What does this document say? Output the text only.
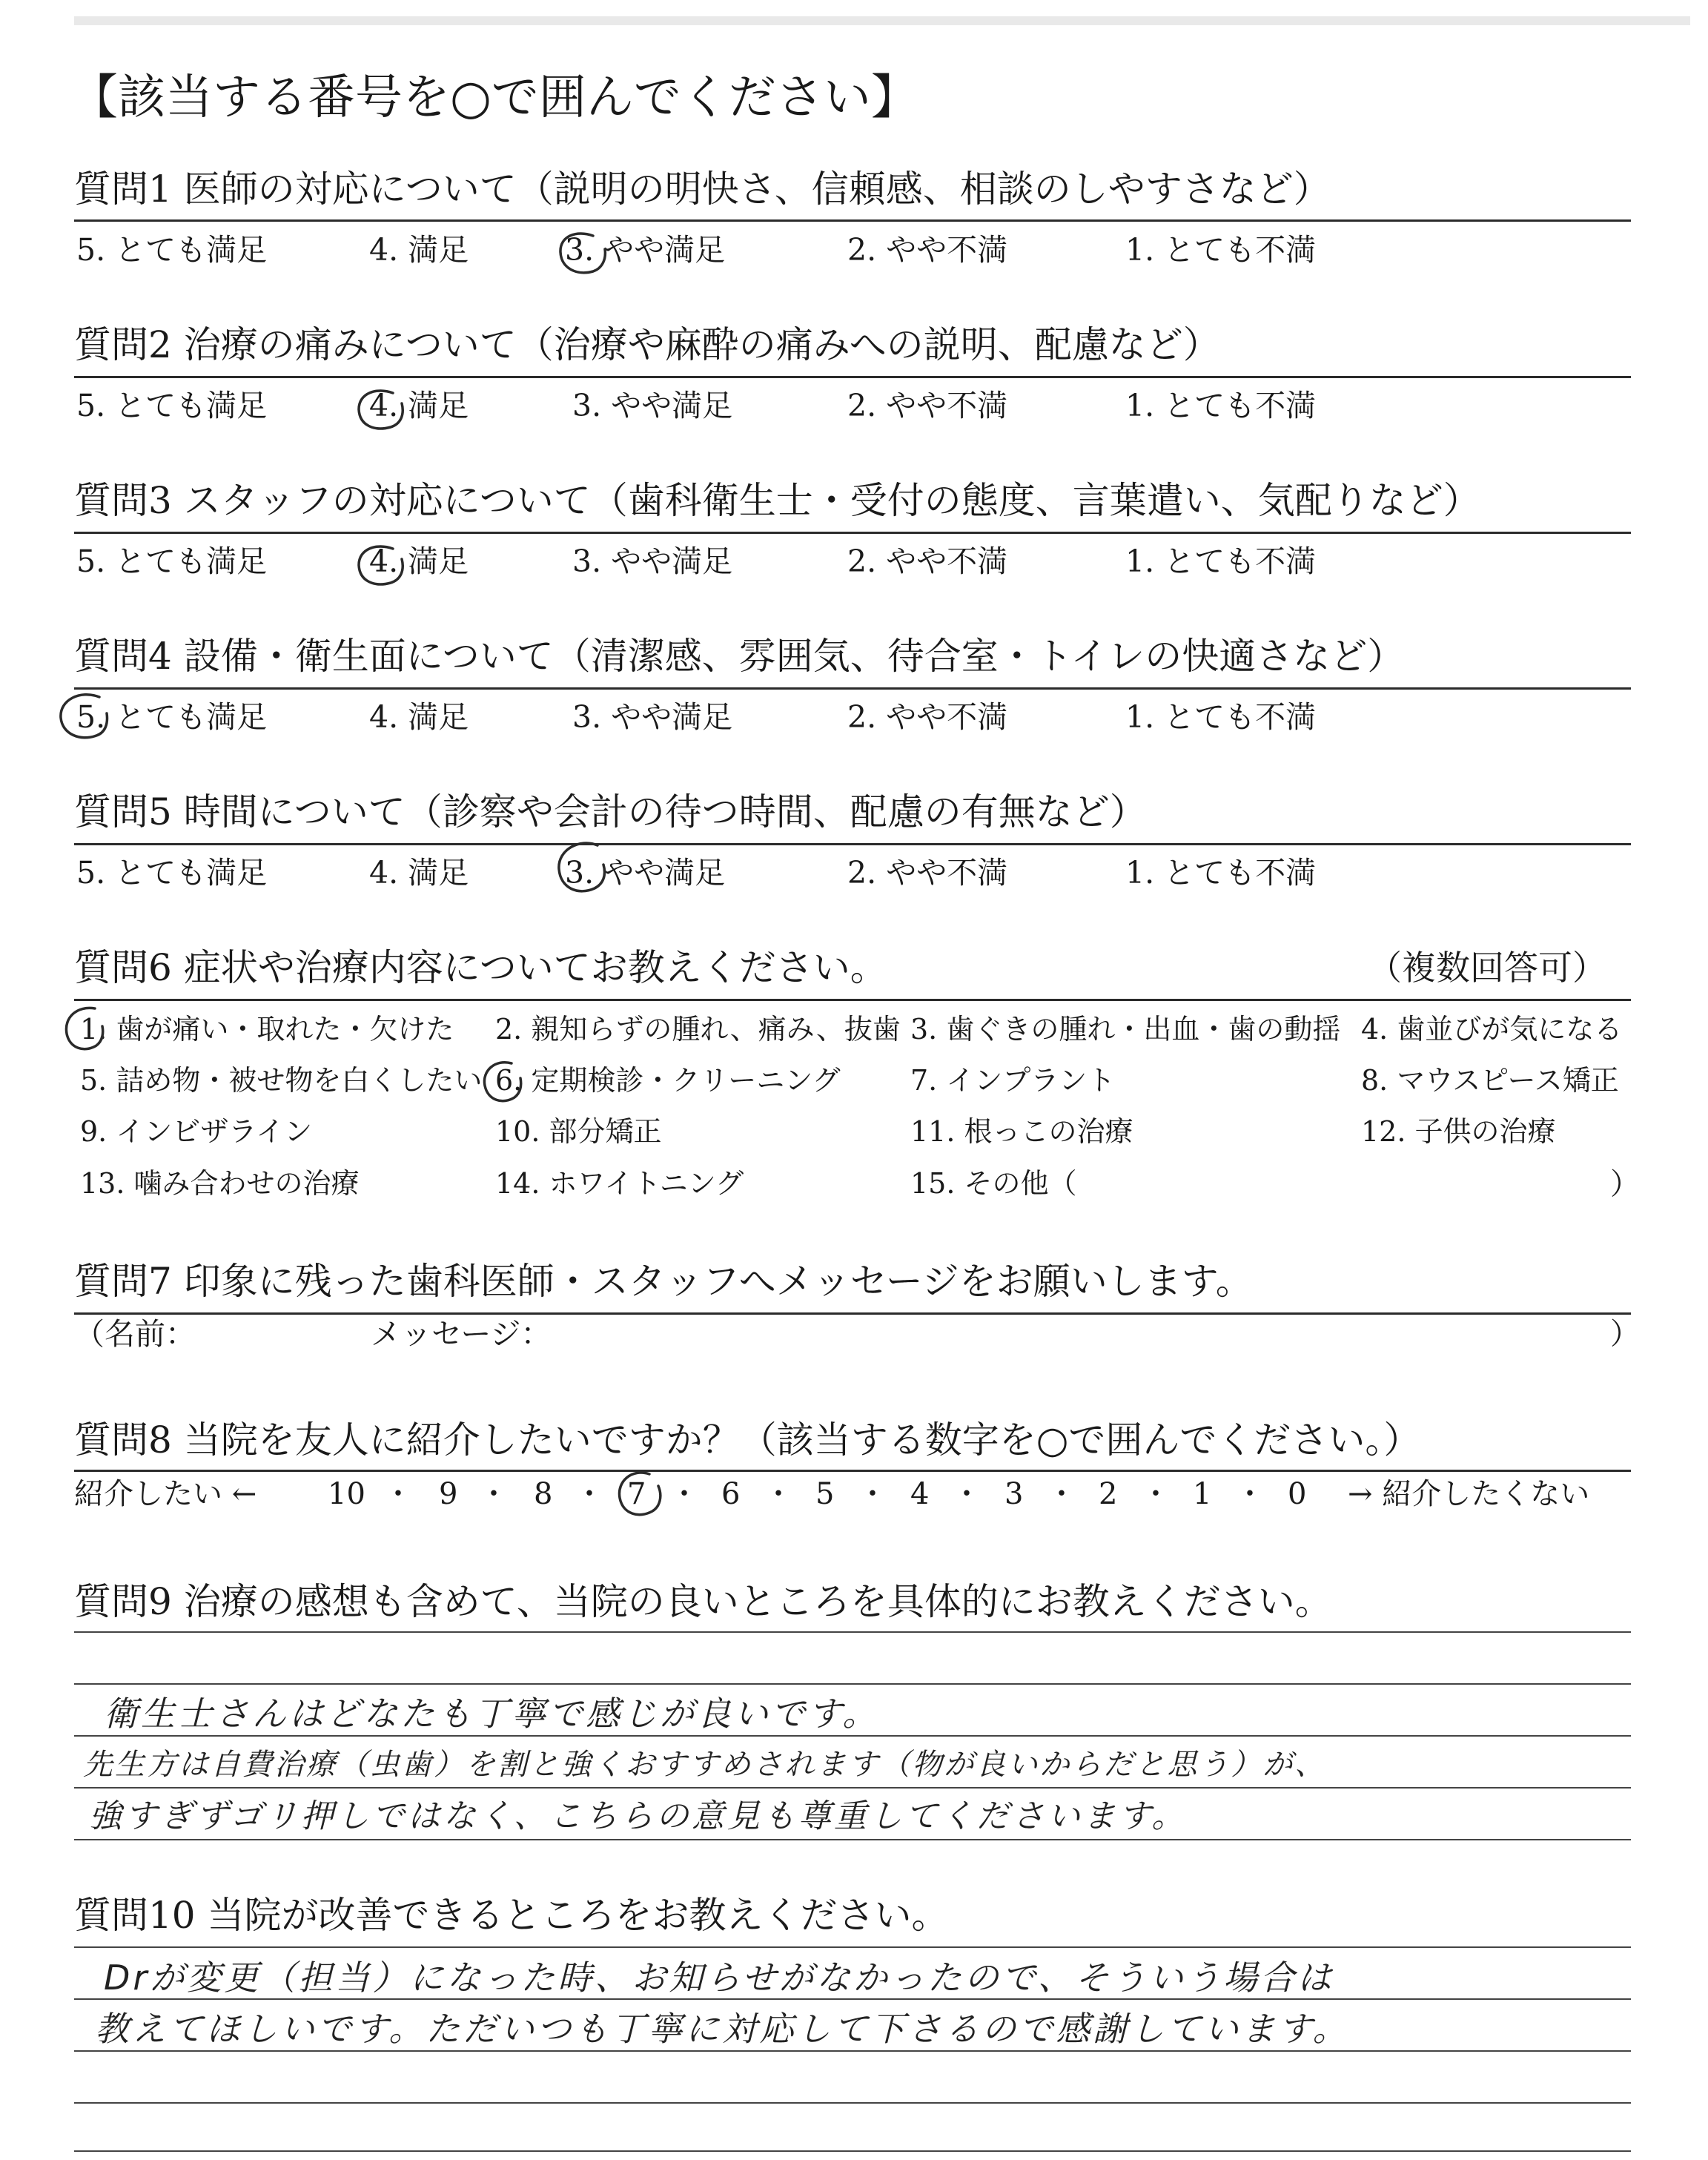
【該当する番号を○で囲んでください】
質問1 医師の対応について（説明の明快さ、信頼感、相談のしやすさなど）
5. とても満足	4. 満足	3. やや満足	2. やや不満	1. とても不満
質問2 治療の痛みについて（治療や麻酔の痛みへの説明、配慮など）
5. とても満足	4. 満足	3. やや満足	2. やや不満	1. とても不満
質問3 スタッフの対応について（歯科衛生士・受付の態度、言葉遣い、気配りなど）
5. とても満足	4. 満足	3. やや満足	2. やや不満	1. とても不満
質問4 設備・衛生面について（清潔感、雰囲気、待合室・トイレの快適さなど）
5. とても満足	4. 満足	3. やや満足	2. やや不満	1. とても不満
質問5 時間について（診察や会計の待つ時間、配慮の有無など）
5. とても満足	4. 満足	3. やや満足	2. やや不満	1. とても不満
質問6 症状や治療内容についてお教えください。	（複数回答可）
1. 歯が痛い・取れた・欠けた 2. 親知らずの腫れ、痛み、抜歯 3. 歯ぐきの腫れ・出血・歯の動揺 4. 歯並びが気になる
5. 詰め物・被せ物を白くしたい 6. 定期検診・クリーニング 7. インプラント	8. マウスピース矯正
9. インビザライン	10. 部分矯正	11. 根っこの治療	12. 子供の治療
13. 噛み合わせの治療	14. ホワイトニング	15. その他（	）
質問7 印象に残った歯科医師・スタッフへメッセージをお願いします。
（名前：	メッセージ：	）
質問8 当院を友人に紹介したいですか？（該当する数字を○で囲んでください。）
紹介したい ←	→ 紹介したくない
10 ・ 9 ・ 8 ・ 7 ・ 6 ・ 5 ・ 4 ・ 3 ・ 2 ・ 1 ・ 0
質問9 治療の感想も含めて、当院の良いところを具体的にお教えください。
衛生士さんはどなたも丁寧で感じが良いです。
先生方は自費治療（虫歯）を割と強くおすすめされます（物が良いからだと思う）が、
強すぎずゴリ押しではなく、こちらの意見も尊重してくださいます。
質問10 当院が改善できるところをお教えください。
Drが変更（担当）になった時、お知らせがなかったので、そういう場合は
教えてほしいです。ただいつも丁寧に対応して下さるので感謝しています。
